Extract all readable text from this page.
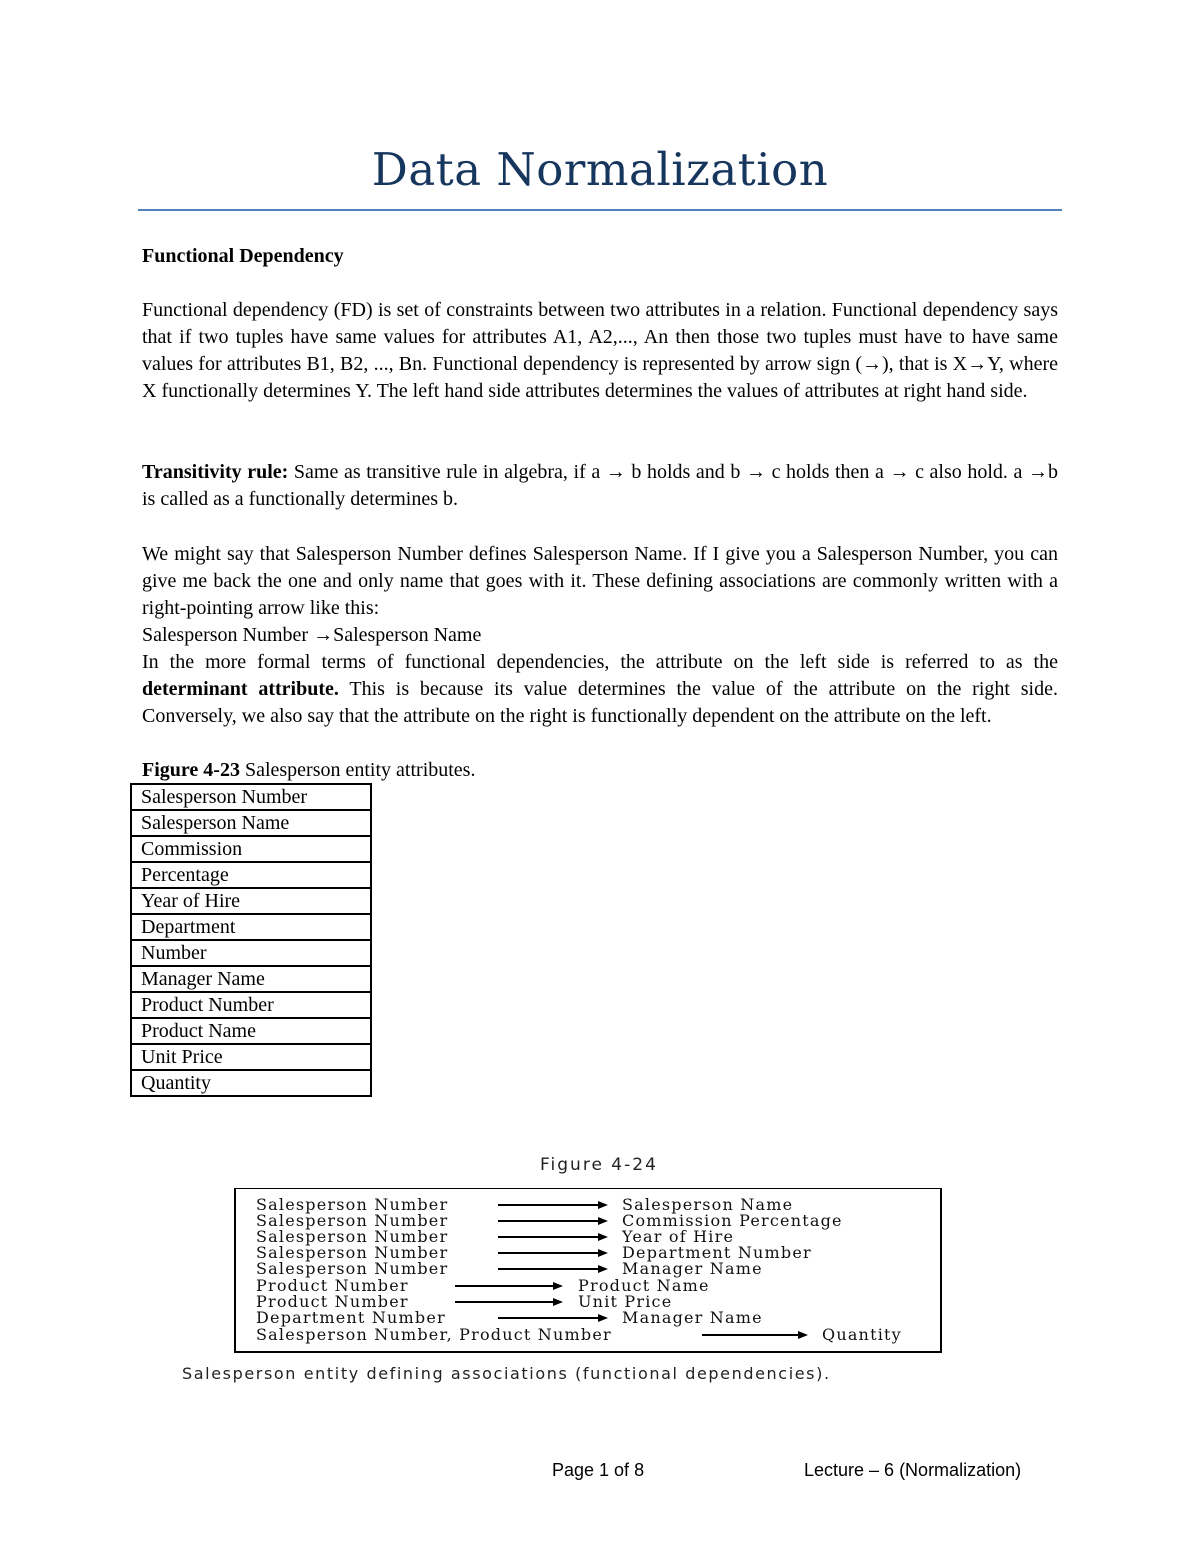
Data Normalization
Functional Dependency
Functional dependency (FD) is set of constraints between two attributes in a relation. Functional dependency says that if two tuples have same values for attributes A1, A2,..., An then those two tuples must have to have same values for attributes B1, B2, ..., Bn. Functional dependency is represented by arrow sign (→), that is X→Y, where X functionally determines Y. The left hand side attributes determines the values of attributes at right hand side.
Transitivity rule: Same as transitive rule in algebra, if a → b holds and b → c holds then a → c also hold. a →b is called as a functionally determines b.
We might say that Salesperson Number defines Salesperson Name. If I give you a Salesperson Number, you can give me back the one and only name that goes with it. These defining associations are commonly written with a right-pointing arrow like this:
Salesperson Number →Salesperson Name
In the more formal terms of functional dependencies, the attribute on the left side is referred to as the determinant attribute. This is because its value determines the value of the attribute on the right side. Conversely, we also say that the attribute on the right is functionally dependent on the attribute on the left.
Figure 4-23 Salesperson entity attributes.
Salesperson Number
Salesperson Name
Commission
Percentage
Year of Hire
Department
Number
Manager Name
Product Number
Product Name
Unit Price
Quantity
Figure 4-24
Salesperson Number	Salesperson Name
Salesperson Number	Commission Percentage
Salesperson Number	Year of Hire
Salesperson Number	Department Number
Salesperson Number	Manager Name
Product Number	Product Name
Product Number	Unit Price
Department Number	Manager Name
Salesperson Number, Product Number	Quantity
Salesperson entity defining associations (functional dependencies).
Page 1 of 8	Lecture – 6 (Normalization)
